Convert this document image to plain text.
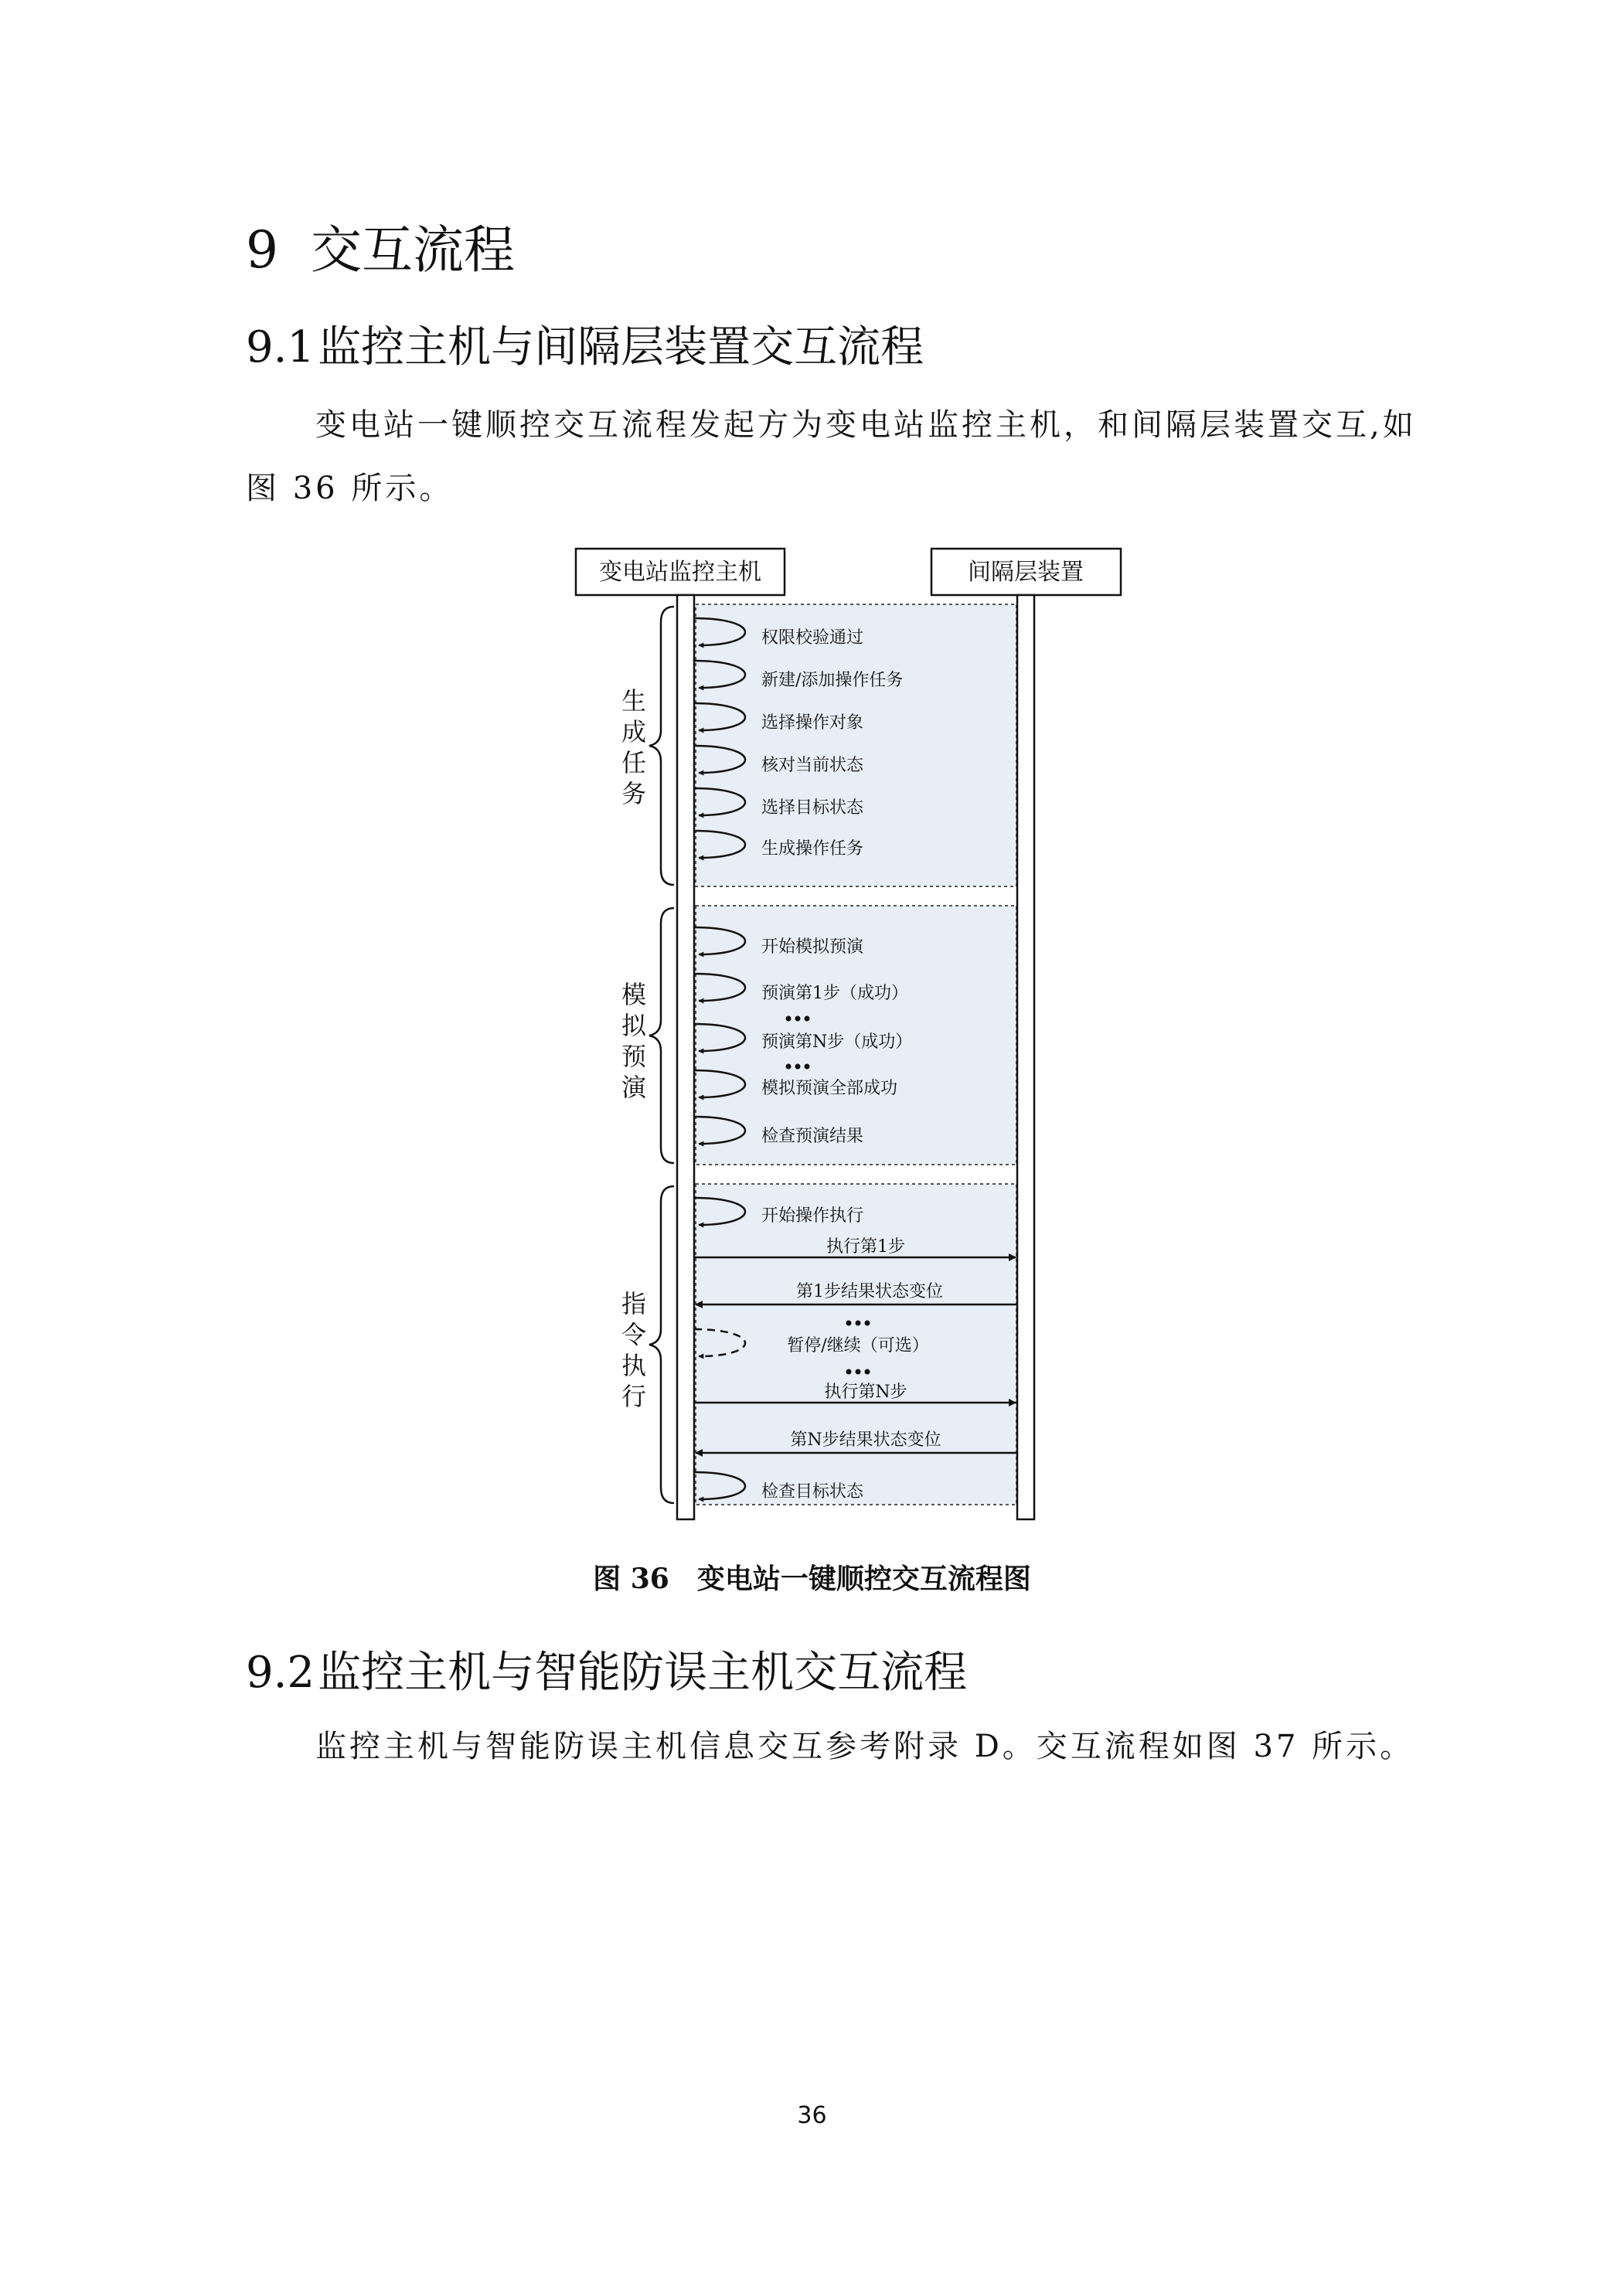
9 交互流程
9.1监控主机与间隔层装置交互流程
变电站一键顺控交互流程发起方为变电站监控主机，和间隔层装置交互,如
图 36 所示。
变电站监控主机	间隔层装置
生
成
任
务
模
拟
预
演
指
令
执
行
权限校验通过
新建/添加操作任务
选择操作对象
核对当前状态
选择目标状态
生成操作任务
开始模拟预演
预演第1步（成功）
预演第N步（成功）
模拟预演全部成功
检查预演结果
开始操作执行
执行第1步
第1步结果状态变位
暂停/继续（可选）
执行第N步
第N步结果状态变位
检查目标状态
图 36 变电站一键顺控交互流程图
9.2监控主机与智能防误主机交互流程
监控主机与智能防误主机信息交互参考附录 D。交互流程如图 37 所示。
36
